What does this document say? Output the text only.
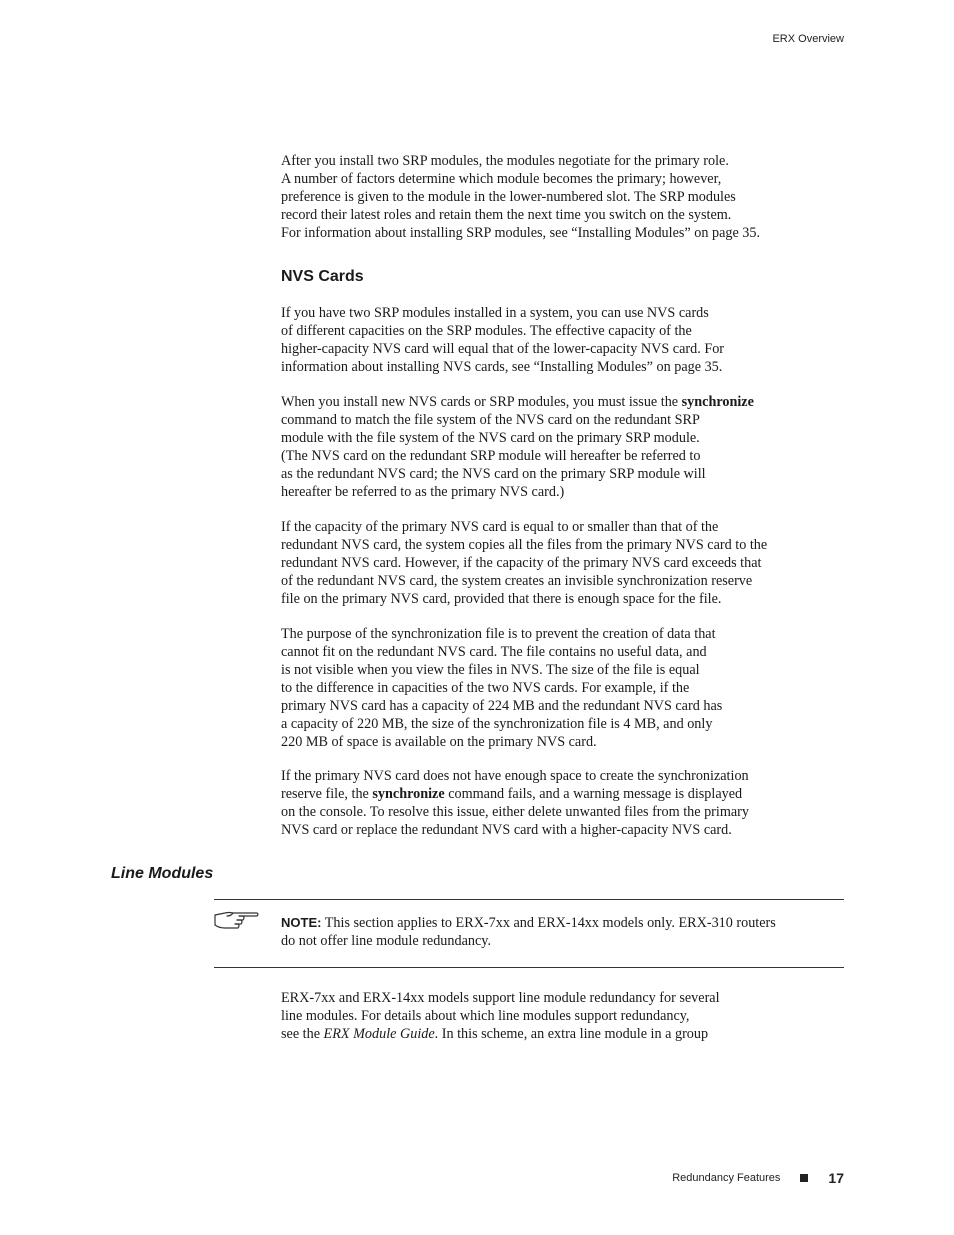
ERX Overview

After you install two SRP modules, the modules negotiate for the primary role.
A number of factors determine which module becomes the primary; however,
preference is given to the module in the lower-numbered slot. The SRP modules
record their latest roles and retain them the next time you switch on the system.
For information about installing SRP modules, see “Installing Modules” on page 35.

NVS Cards

If you have two SRP modules installed in a system, you can use NVS cards
of different capacities on the SRP modules. The effective capacity of the
higher-capacity NVS card will equal that of the lower-capacity NVS card. For
information about installing NVS cards, see “Installing Modules” on page 35.

When you install new NVS cards or SRP modules, you must issue the synchronize
command to match the file system of the NVS card on the redundant SRP
module with the file system of the NVS card on the primary SRP module.
(The NVS card on the redundant SRP module will hereafter be referred to
as the redundant NVS card; the NVS card on the primary SRP module will
hereafter be referred to as the primary NVS card.)

If the capacity of the primary NVS card is equal to or smaller than that of the
redundant NVS card, the system copies all the files from the primary NVS card to the
redundant NVS card. However, if the capacity of the primary NVS card exceeds that
of the redundant NVS card, the system creates an invisible synchronization reserve
file on the primary NVS card, provided that there is enough space for the file.

The purpose of the synchronization file is to prevent the creation of data that
cannot fit on the redundant NVS card. The file contains no useful data, and
is not visible when you view the files in NVS. The size of the file is equal
to the difference in capacities of the two NVS cards. For example, if the
primary NVS card has a capacity of 224 MB and the redundant NVS card has
a capacity of 220 MB, the size of the synchronization file is 4 MB, and only
220 MB of space is available on the primary NVS card.

If the primary NVS card does not have enough space to create the synchronization
reserve file, the synchronize command fails, and a warning message is displayed
on the console. To resolve this issue, either delete unwanted files from the primary
NVS card or replace the redundant NVS card with a higher-capacity NVS card.

Line Modules

NOTE: This section applies to ERX-7xx and ERX-14xx models only. ERX-310 routers
do not offer line module redundancy.

ERX-7xx and ERX-14xx models support line module redundancy for several
line modules. For details about which line modules support redundancy,
see the ERX Module Guide. In this scheme, an extra line module in a group

Redundancy Features	17
